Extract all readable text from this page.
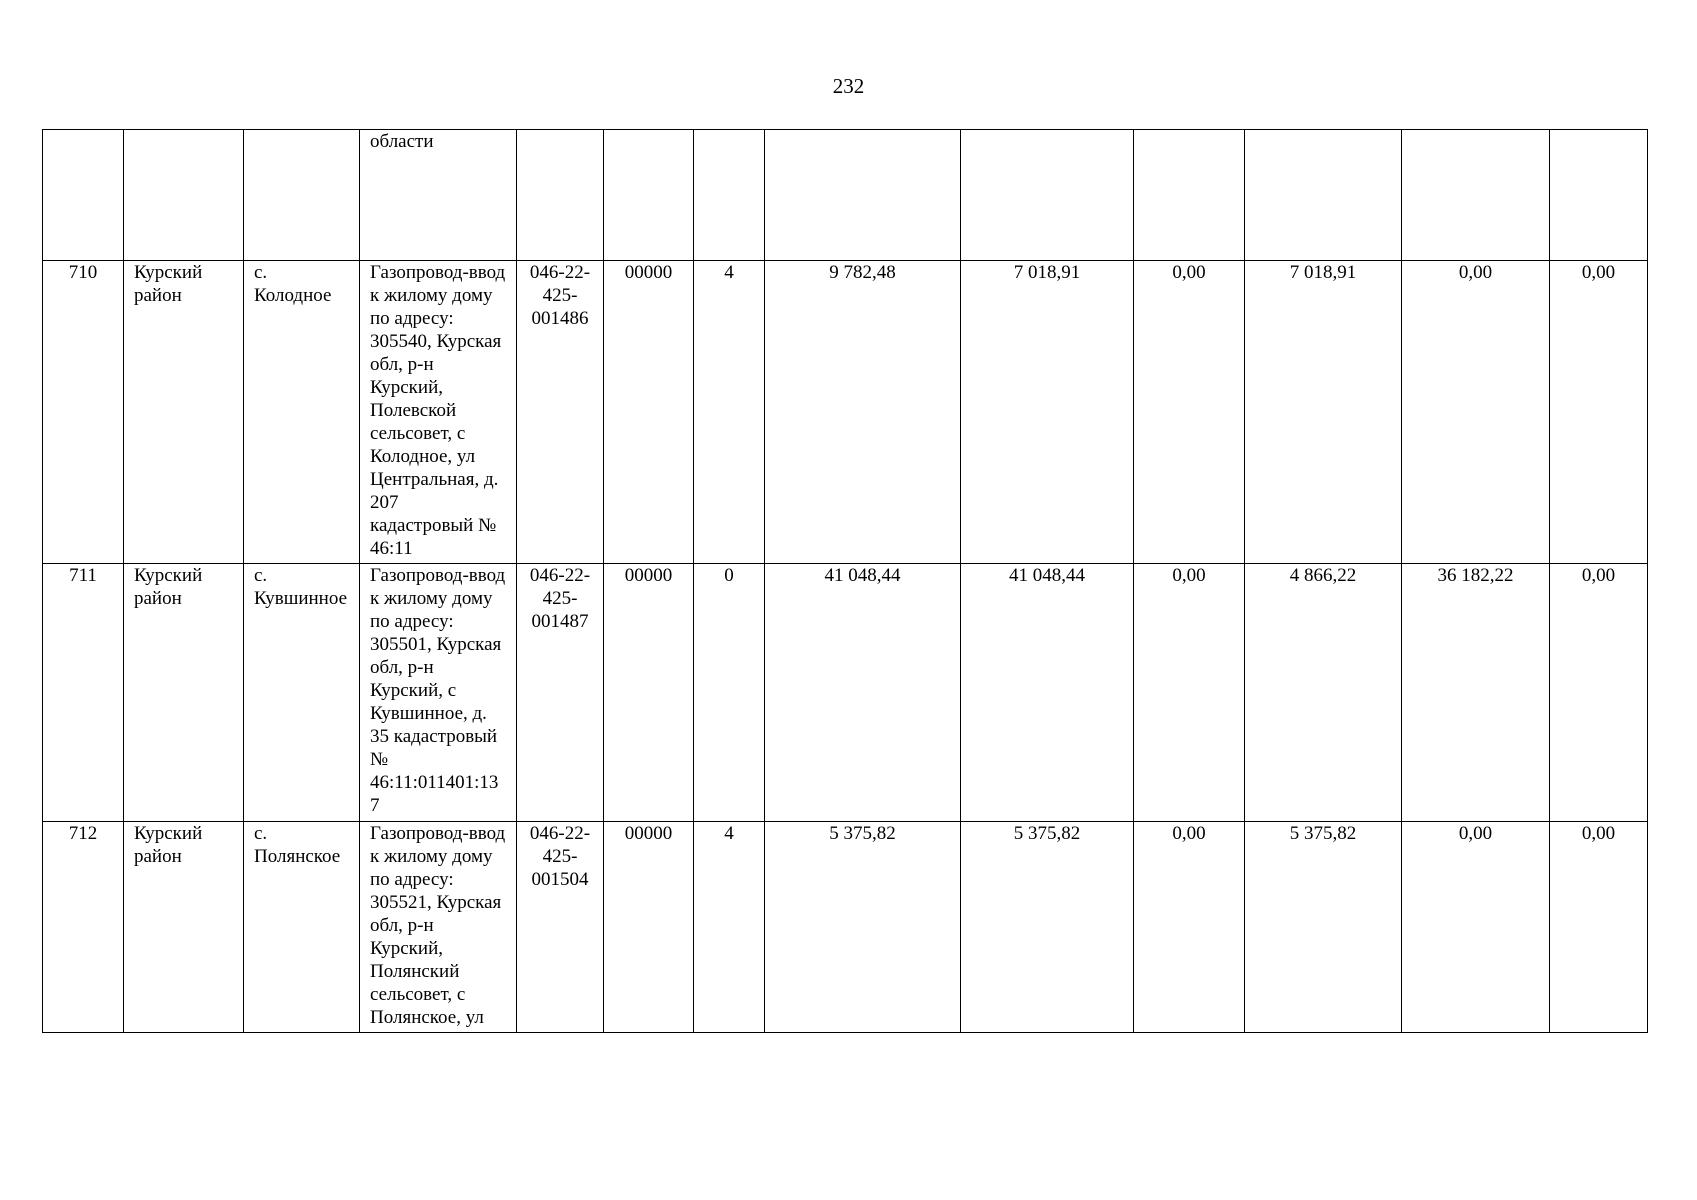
232
			области									
710	Курский район	с. Колодное	Газопровод-ввод к жилому дому по адресу: 305540, Курская обл, р-н Курский, Полевской сельсовет, с Колодное, ул Центральная, д. 207 кадастровый № 46:11	046-22-425-001486	00000	4	9 782,48	7 018,91	0,00	7 018,91	0,00	0,00
711	Курский район	с. Кувшинное	Газопровод-ввод к жилому дому по адресу: 305501, Курская обл, р-н Курский, с Кувшинное, д. 35 кадастровый № 46:11:011401:137	046-22-425-001487	00000	0	41 048,44	41 048,44	0,00	4 866,22	36 182,22	0,00
712	Курский район	с. Полянское	Газопровод-ввод к жилому дому по адресу: 305521, Курская обл, р-н Курский, Полянский сельсовет, с Полянское, ул	046-22-425-001504	00000	4	5 375,82	5 375,82	0,00	5 375,82	0,00	0,00
